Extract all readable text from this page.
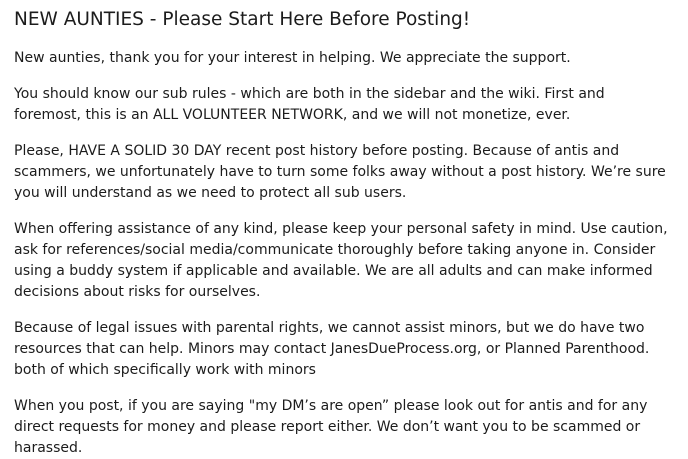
NEW AUNTIES - Please Start Here Before Posting!

New aunties, thank you for your interest in helping. We appreciate the support.

You should know our sub rules - which are both in the sidebar and the wiki. First and foremost, this is an ALL VOLUNTEER NETWORK, and we will not monetize, ever.

Please, HAVE A SOLID 30 DAY recent post history before posting. Because of antis and scammers, we unfortunately have to turn some folks away without a post history. We’re sure you will understand as we need to protect all sub users.

When offering assistance of any kind, please keep your personal safety in mind. Use caution, ask for references/social media/communicate thoroughly before taking anyone in. Consider using a buddy system if applicable and available. We are all adults and can make informed decisions about risks for ourselves.

Because of legal issues with parental rights, we cannot assist minors, but we do have two resources that can help. Minors may contact JanesDueProcess.org, or Planned Parenthood. both of which specifically work with minors

When you post, if you are saying "my DM’s are open” please look out for antis and for any direct requests for money and please report either. We don’t want you to be scammed or harassed.
